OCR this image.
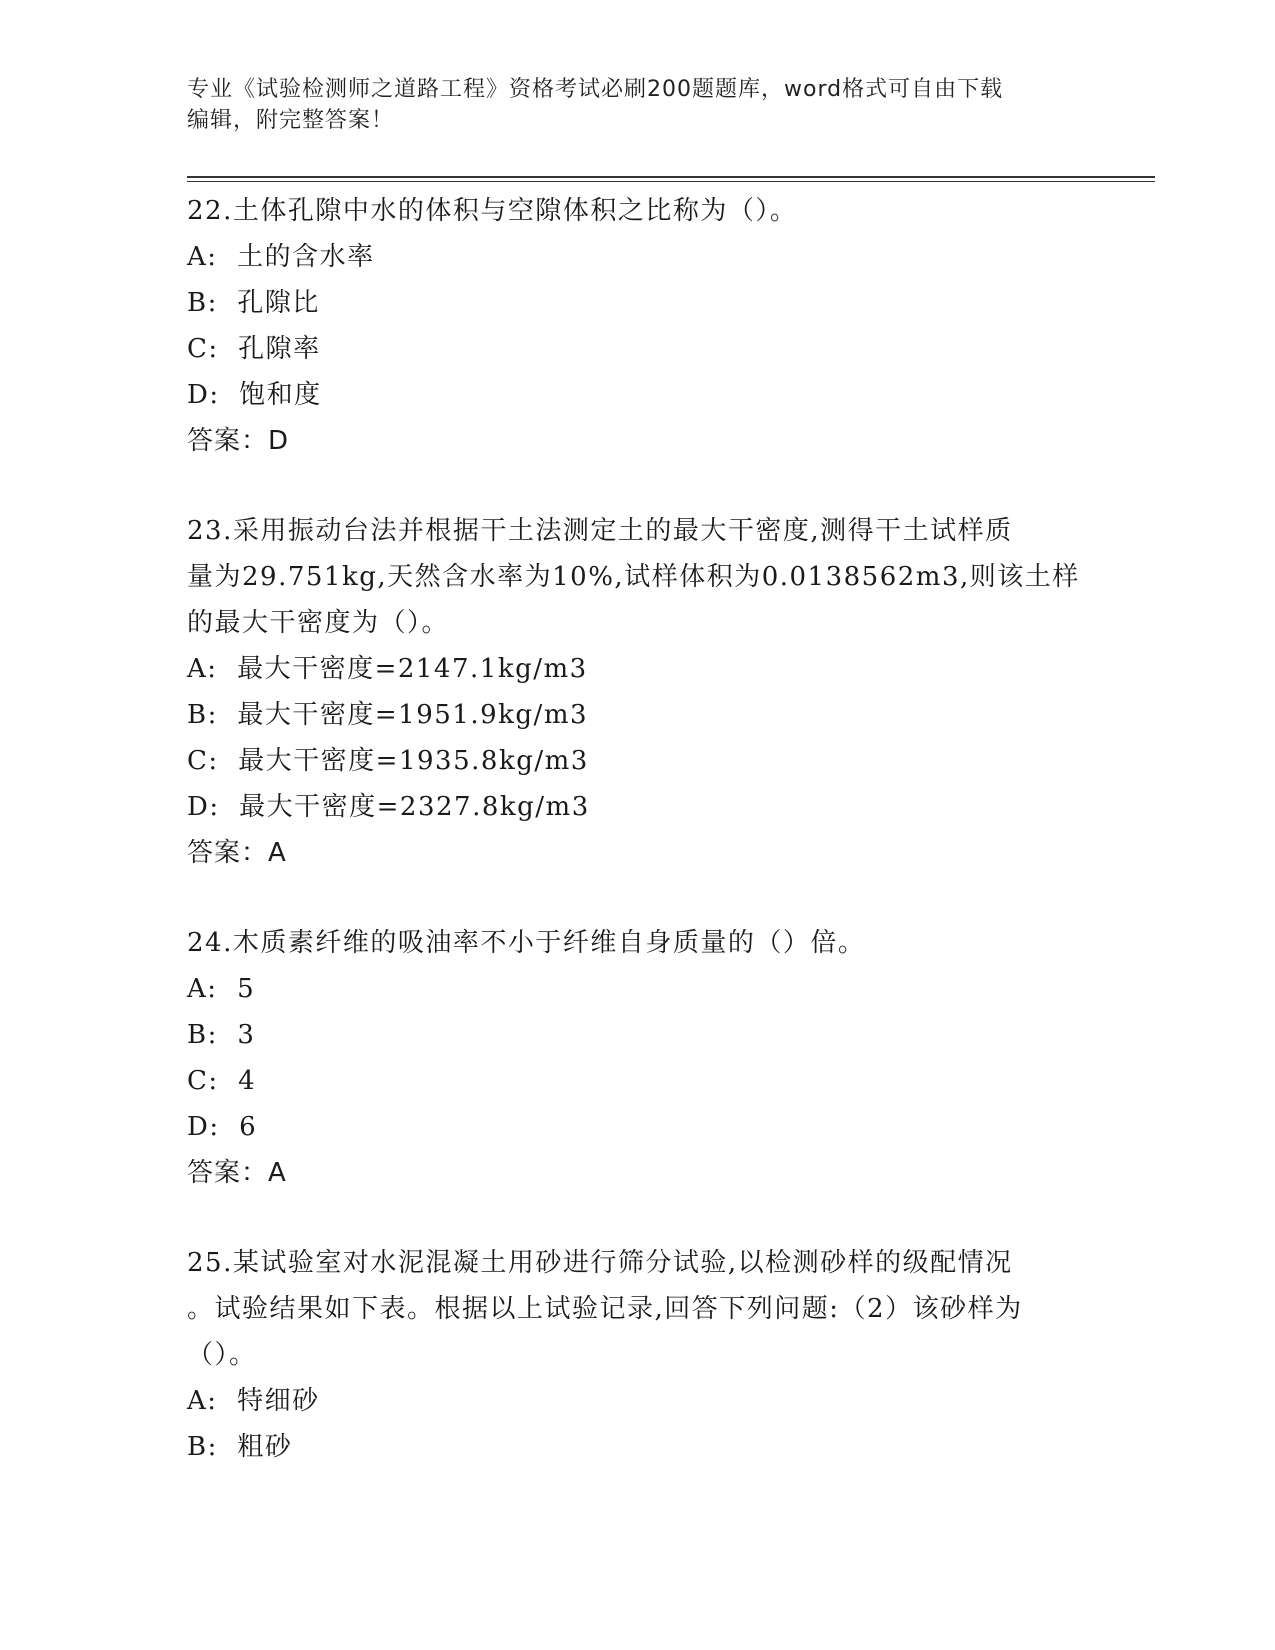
专业《试验检测师之道路工程》资格考试必刷200题题库，word格式可自由下载
编辑，附完整答案！

22.土体孔隙中水的体积与空隙体积之比称为（）。

A:  土的含水率

B:  孔隙比

C:  孔隙率

D:  饱和度

答案：D

23.采用振动台法并根据干土法测定土的最大干密度,测得干土试样质

量为29.751kg,天然含水率为10%,试样体积为0.0138562m3,则该土样

的最大干密度为（）。

A:  最大干密度=2147.1kg/m3

B:  最大干密度=1951.9kg/m3

C:  最大干密度=1935.8kg/m3

D:  最大干密度=2327.8kg/m3

答案：A

24.木质素纤维的吸油率不小于纤维自身质量的（）倍。

A:  5

B:  3

C:  4

D:  6

答案：A

25.某试验室对水泥混凝土用砂进行筛分试验,以检测砂样的级配情况

。试验结果如下表。根据以上试验记录,回答下列问题:（2）该砂样为

（）。

A:  特细砂

B:  粗砂
